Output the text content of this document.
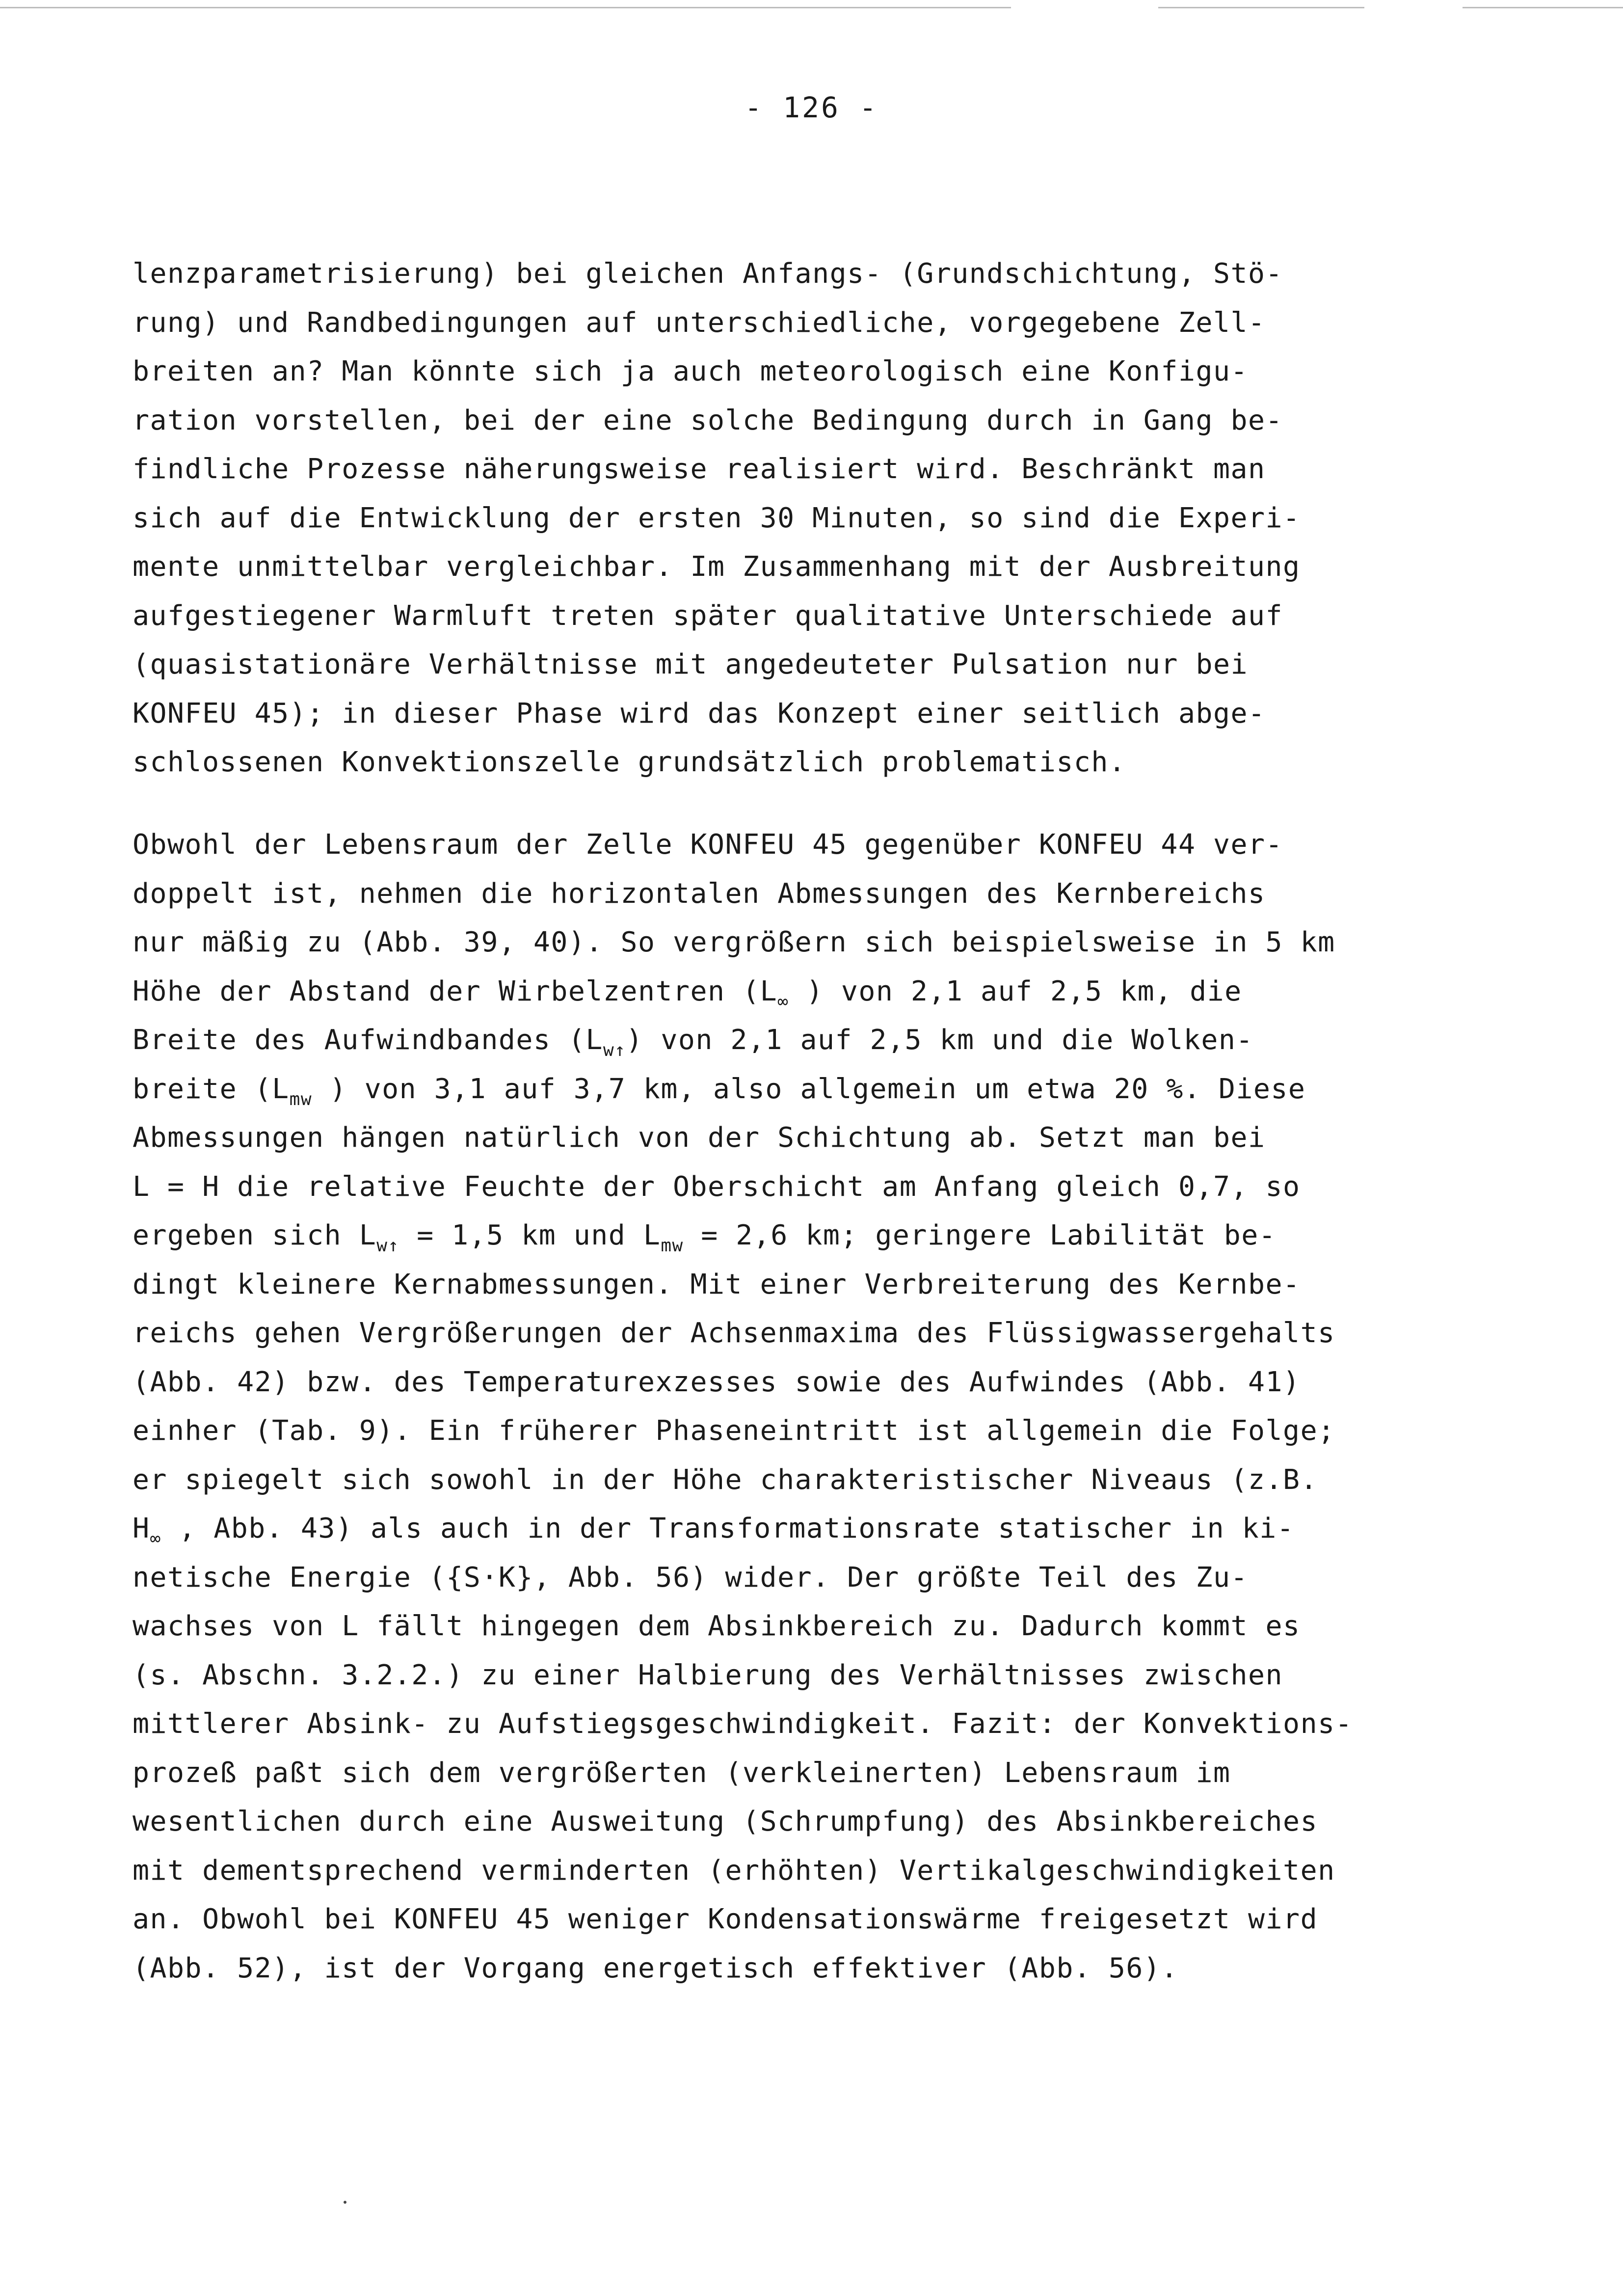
- 126 -
lenzparametrisierung) bei gleichen Anfangs- (Grundschichtung, Stö-
rung) und Randbedingungen auf unterschiedliche, vorgegebene Zell-
breiten an? Man könnte sich ja auch meteorologisch eine Konfigu-
ration vorstellen, bei der eine solche Bedingung durch in Gang be-
findliche Prozesse näherungsweise realisiert wird. Beschränkt man
sich auf die Entwicklung der ersten 30 Minuten, so sind die Experi-
mente unmittelbar vergleichbar. Im Zusammenhang mit der Ausbreitung
aufgestiegener Warmluft treten später qualitative Unterschiede auf
(quasistationäre Verhältnisse mit angedeuteter Pulsation nur bei
KONFEU 45); in dieser Phase wird das Konzept einer seitlich abge-
schlossenen Konvektionszelle grundsätzlich problematisch.
Obwohl der Lebensraum der Zelle KONFEU 45 gegenüber KONFEU 44 ver-
doppelt ist, nehmen die horizontalen Abmessungen des Kernbereichs
nur mäßig zu (Abb. 39, 40). So vergrößern sich beispielsweise in 5 km
Höhe der Abstand der Wirbelzentren ($L_\infty$ ) von 2,1 auf 2,5 km, die
Breite des Aufwindbandes $(L_{w↑})$ von 2,1 auf 2,5 km und die Wolken-
breite ($L_{mw}$ ) von 3,1 auf 3,7 km, also allgemein um etwa 20 %. Diese
Abmessungen hängen natürlich von der Schichtung ab. Setzt man bei
L = H die relative Feuchte der Oberschicht am Anfang gleich 0,7, so
ergeben sich $L_{w↑} = 1,5$ km und $L_{mw} = 2,6$ km; geringere Labilität be-
dingt kleinere Kernabmessungen. Mit einer Verbreiterung des Kernbe-
reichs gehen Vergrößerungen der Achsenmaxima des Flüssigwassergehalts
(Abb. 42) bzw. des Temperaturexzesses sowie des Aufwindes (Abb. 41)
einher (Tab. 9). Ein früherer Phaseneintritt ist allgemein die Folge;
er spiegelt sich sowohl in der Höhe charakteristischer Niveaus (z.B.
$H_\infty$ , Abb. 43) als auch in der Transformationsrate statischer in ki-
netische Energie ({S·K}, Abb. 56) wider. Der größte Teil des Zu-
wachses von L fällt hingegen dem Absinkbereich zu. Dadurch kommt es
(s. Abschn. 3.2.2.) zu einer Halbierung des Verhältnisses zwischen
mittlerer Absink- zu Aufstiegsgeschwindigkeit. Fazit: der Konvektions-
prozeß paßt sich dem vergrößerten (verkleinerten) Lebensraum im
wesentlichen durch eine Ausweitung (Schrumpfung) des Absinkbereiches
mit dementsprechend verminderten (erhöhten) Vertikalgeschwindigkeiten
an. Obwohl bei KONFEU 45 weniger Kondensationswärme freigesetzt wird
(Abb. 52), ist der Vorgang energetisch effektiver (Abb. 56).
